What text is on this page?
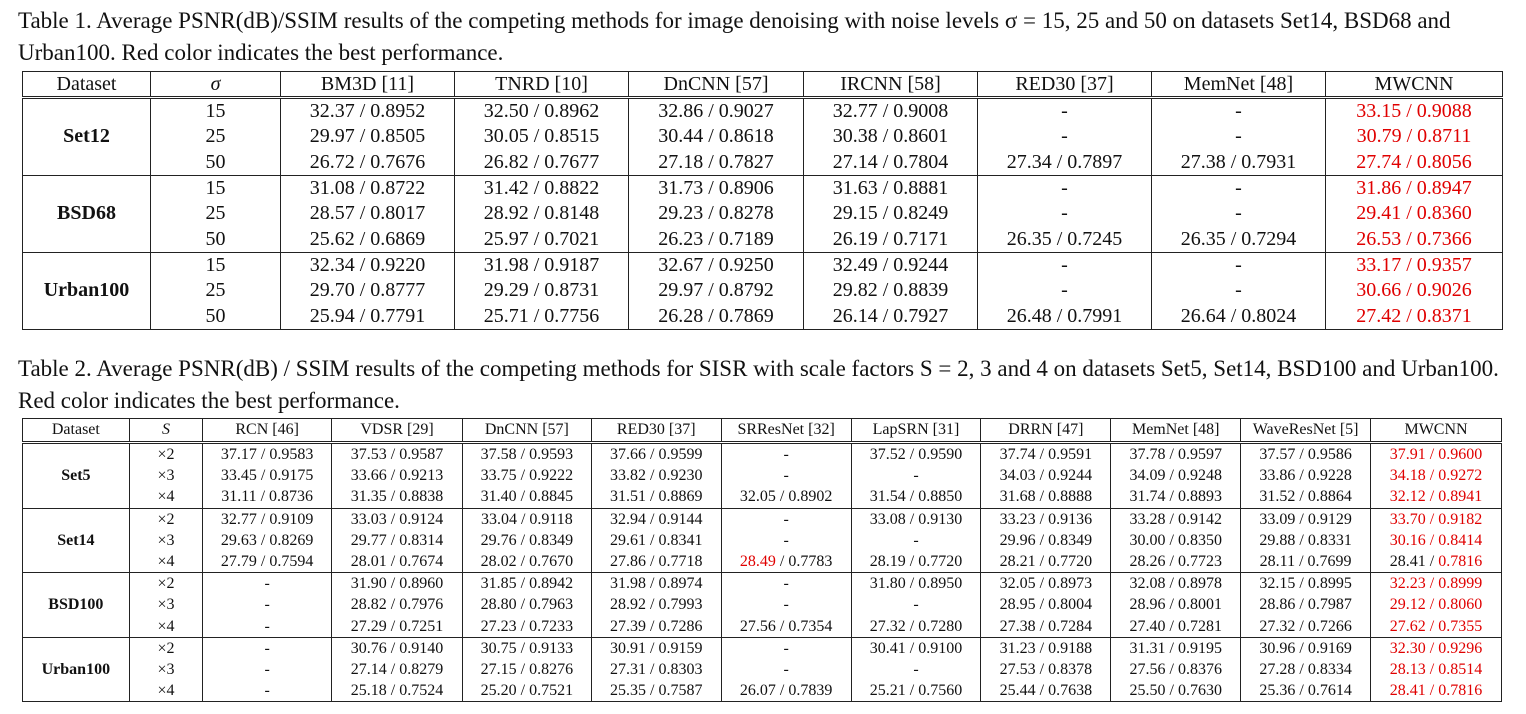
Table 1. Average PSNR(dB)/SSIM results of the competing methods for image denoising with noise levels σ = 15, 25 and 50 on datasets Set14, BSD68 and Urban100. Red color indicates the best performance.

Dataset	σ	BM3D [11]	TNRD [10]	DnCNN [57]	IRCNN [58]	RED30 [37]	MemNet [48]	MWCNN
Set12	15	32.37 / 0.8952	32.50 / 0.8962	32.86 / 0.9027	32.77 / 0.9008	-	-	33.15 / 0.9088
	25	29.97 / 0.8505	30.05 / 0.8515	30.44 / 0.8618	30.38 / 0.8601	-	-	30.79 / 0.8711
	50	26.72 / 0.7676	26.82 / 0.7677	27.18 / 0.7827	27.14 / 0.7804	27.34 / 0.7897	27.38 / 0.7931	27.74 / 0.8056
BSD68	15	31.08 / 0.8722	31.42 / 0.8822	31.73 / 0.8906	31.63 / 0.8881	-	-	31.86 / 0.8947
	25	28.57 / 0.8017	28.92 / 0.8148	29.23 / 0.8278	29.15 / 0.8249	-	-	29.41 / 0.8360
	50	25.62 / 0.6869	25.97 / 0.7021	26.23 / 0.7189	26.19 / 0.7171	26.35 / 0.7245	26.35 / 0.7294	26.53 / 0.7366
Urban100	15	32.34 / 0.9220	31.98 / 0.9187	32.67 / 0.9250	32.49 / 0.9244	-	-	33.17 / 0.9357
	25	29.70 / 0.8777	29.29 / 0.8731	29.97 / 0.8792	29.82 / 0.8839	-	-	30.66 / 0.9026
	50	25.94 / 0.7791	25.71 / 0.7756	26.28 / 0.7869	26.14 / 0.7927	26.48 / 0.7991	26.64 / 0.8024	27.42 / 0.8371

Table 2. Average PSNR(dB) / SSIM results of the competing methods for SISR with scale factors S = 2, 3 and 4 on datasets Set5, Set14, BSD100 and Urban100. Red color indicates the best performance.

Dataset	S	RCN [46]	VDSR [29]	DnCNN [57]	RED30 [37]	SRResNet [32]	LapSRN [31]	DRRN [47]	MemNet [48]	WaveResNet [5]	MWCNN
Set5	×2	37.17 / 0.9583	37.53 / 0.9587	37.58 / 0.9593	37.66 / 0.9599	-	37.52 / 0.9590	37.74 / 0.9591	37.78 / 0.9597	37.57 / 0.9586	37.91 / 0.9600
	×3	33.45 / 0.9175	33.66 / 0.9213	33.75 / 0.9222	33.82 / 0.9230	-	-	34.03 / 0.9244	34.09 / 0.9248	33.86 / 0.9228	34.18 / 0.9272
	×4	31.11 / 0.8736	31.35 / 0.8838	31.40 / 0.8845	31.51 / 0.8869	32.05 / 0.8902	31.54 / 0.8850	31.68 / 0.8888	31.74 / 0.8893	31.52 / 0.8864	32.12 / 0.8941
Set14	×2	32.77 / 0.9109	33.03 / 0.9124	33.04 / 0.9118	32.94 / 0.9144	-	33.08 / 0.9130	33.23 / 0.9136	33.28 / 0.9142	33.09 / 0.9129	33.70 / 0.9182
	×3	29.63 / 0.8269	29.77 / 0.8314	29.76 / 0.8349	29.61 / 0.8341	-	-	29.96 / 0.8349	30.00 / 0.8350	29.88 / 0.8331	30.16 / 0.8414
	×4	27.79 / 0.7594	28.01 / 0.7674	28.02 / 0.7670	27.86 / 0.7718	28.49 / 0.7783	28.19 / 0.7720	28.21 / 0.7720	28.26 / 0.7723	28.11 / 0.7699	28.41 / 0.7816
BSD100	×2	-	31.90 / 0.8960	31.85 / 0.8942	31.98 / 0.8974	-	31.80 / 0.8950	32.05 / 0.8973	32.08 / 0.8978	32.15 / 0.8995	32.23 / 0.8999
	×3	-	28.82 / 0.7976	28.80 / 0.7963	28.92 / 0.7993	-	-	28.95 / 0.8004	28.96 / 0.8001	28.86 / 0.7987	29.12 / 0.8060
	×4	-	27.29 / 0.7251	27.23 / 0.7233	27.39 / 0.7286	27.56 / 0.7354	27.32 / 0.7280	27.38 / 0.7284	27.40 / 0.7281	27.32 / 0.7266	27.62 / 0.7355
Urban100	×2	-	30.76 / 0.9140	30.75 / 0.9133	30.91 / 0.9159	-	30.41 / 0.9100	31.23 / 0.9188	31.31 / 0.9195	30.96 / 0.9169	32.30 / 0.9296
	×3	-	27.14 / 0.8279	27.15 / 0.8276	27.31 / 0.8303	-	-	27.53 / 0.8378	27.56 / 0.8376	27.28 / 0.8334	28.13 / 0.8514
	×4	-	25.18 / 0.7524	25.20 / 0.7521	25.35 / 0.7587	26.07 / 0.7839	25.21 / 0.7560	25.44 / 0.7638	25.50 / 0.7630	25.36 / 0.7614	28.41 / 0.7816
